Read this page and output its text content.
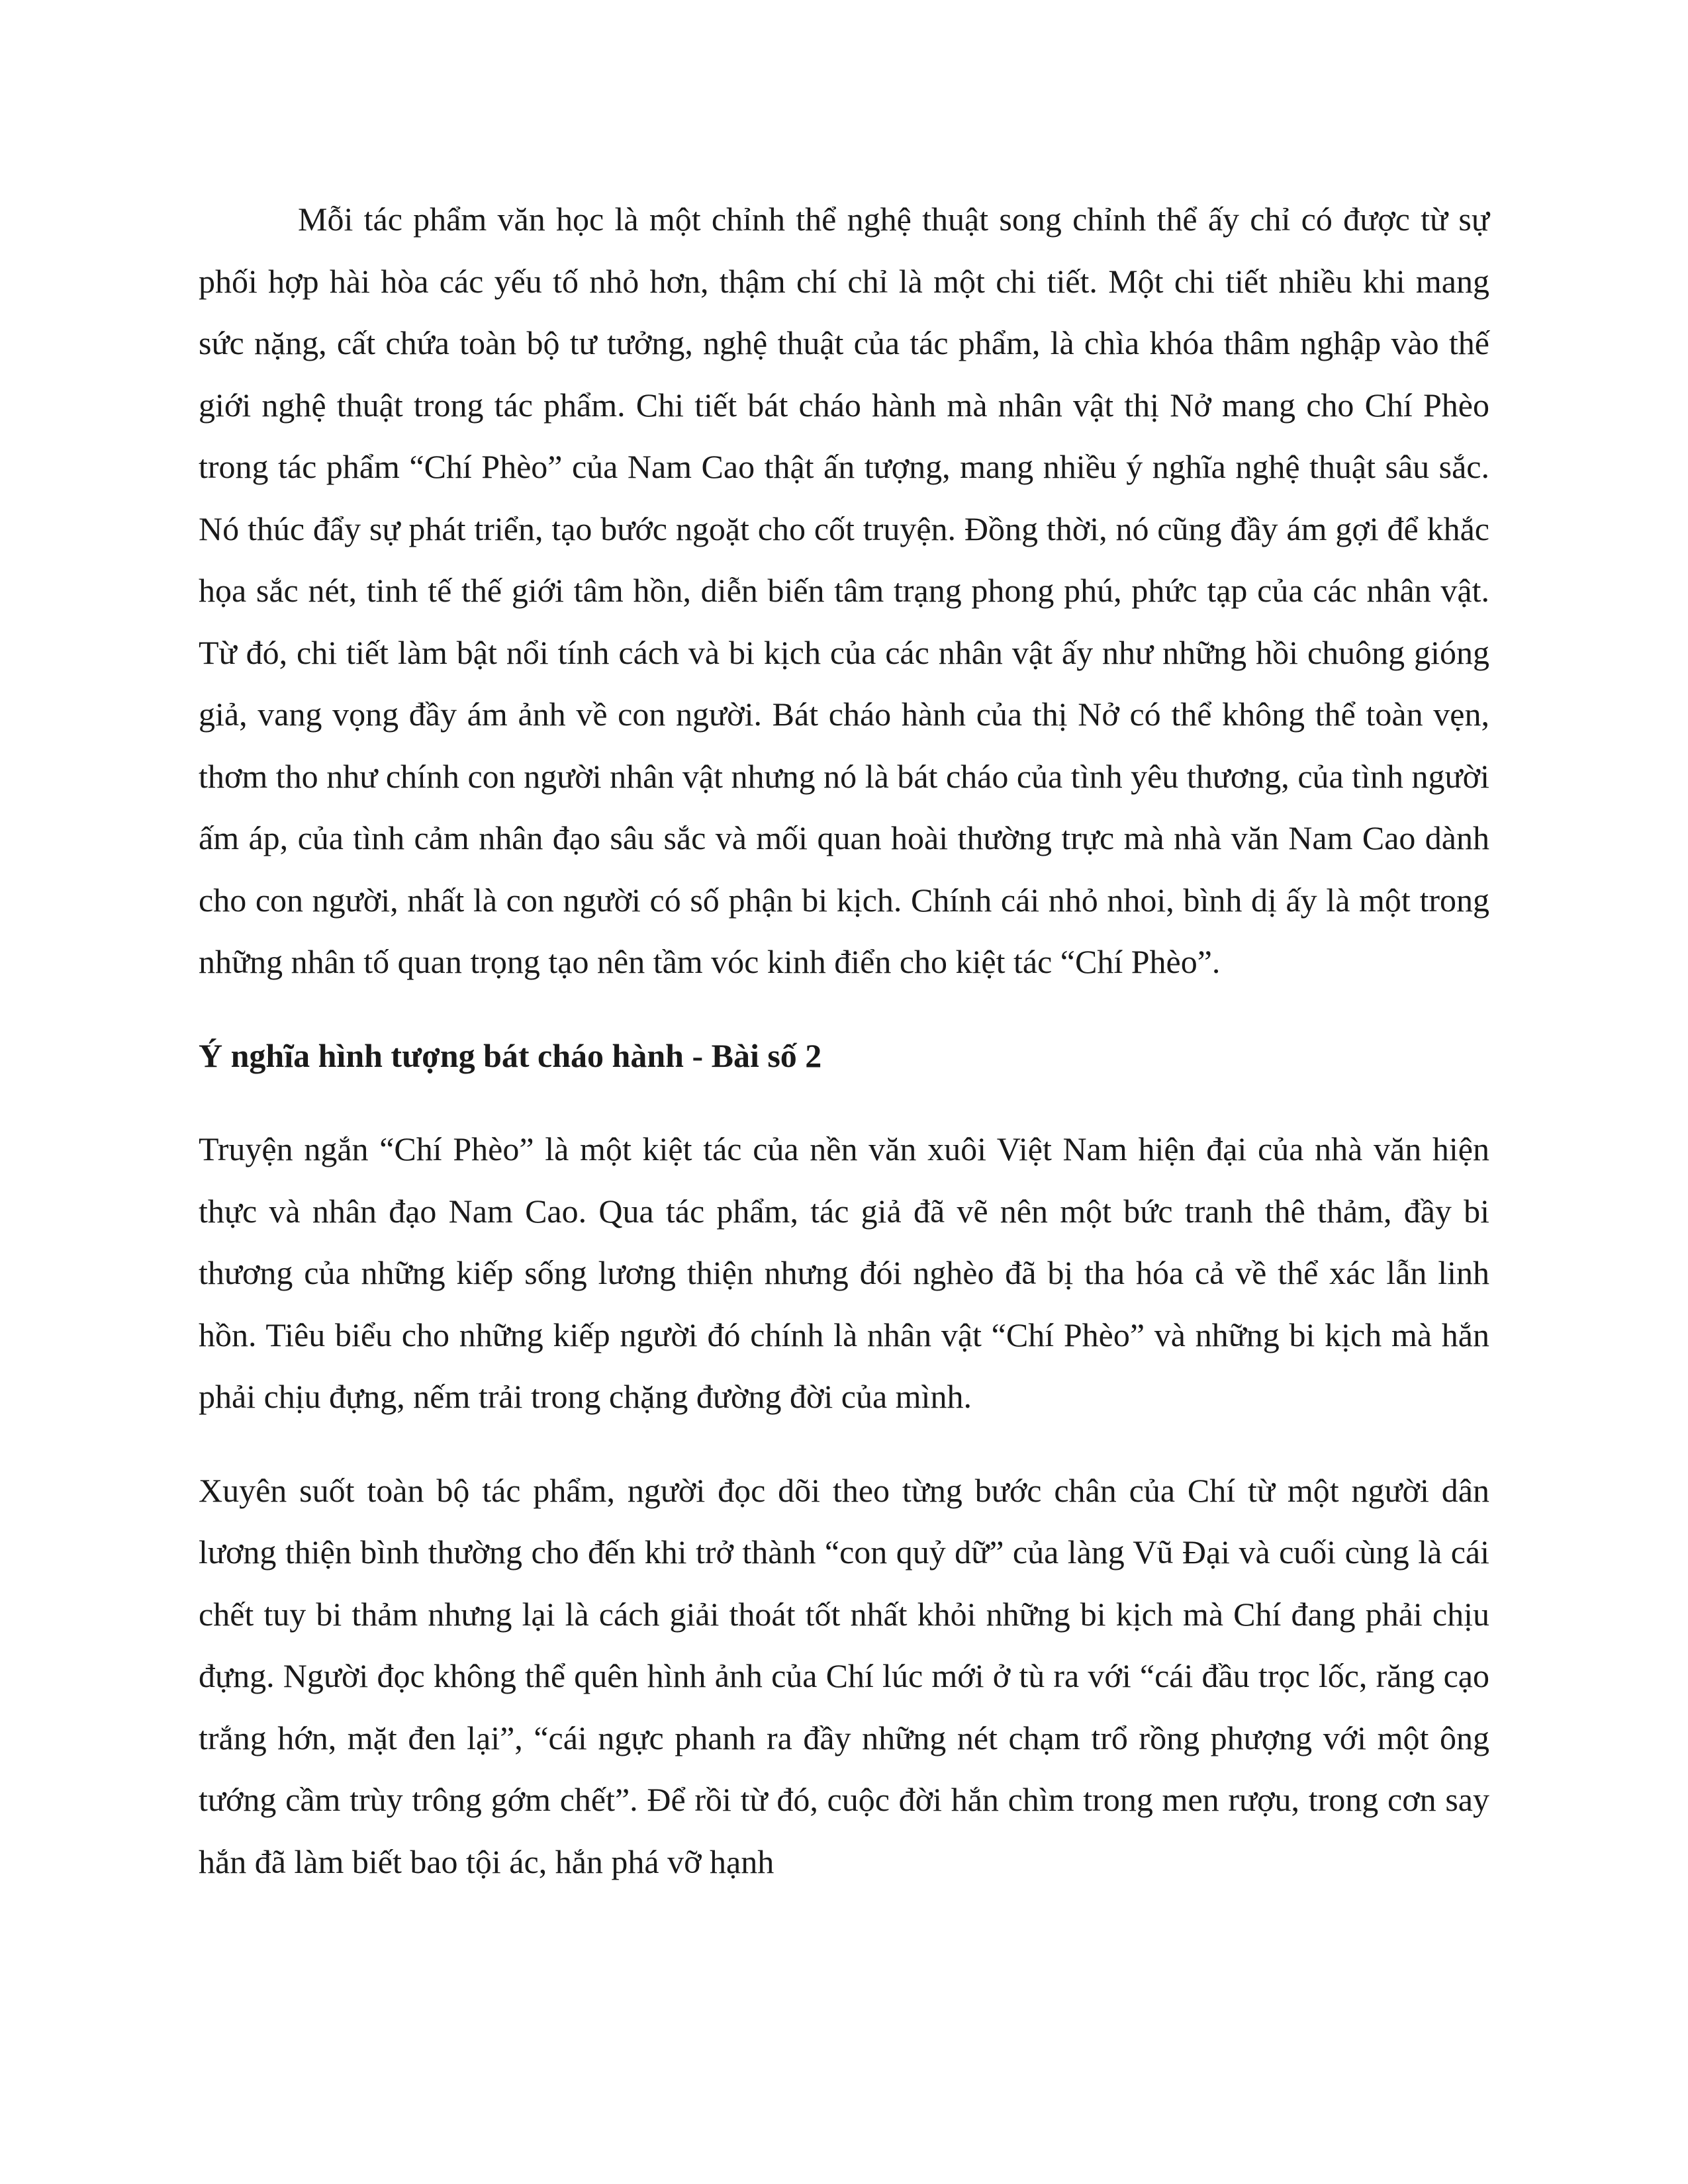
Mỗi tác phẩm văn học là một chỉnh thể nghệ thuật song chỉnh thể ấy chỉ có được từ sự phối hợp hài hòa các yếu tố nhỏ hơn, thậm chí chỉ là một chi tiết. Một chi tiết nhiều khi mang sức nặng, cất chứa toàn bộ tư tưởng, nghệ thuật của tác phẩm, là chìa khóa thâm nghập vào thế giới nghệ thuật trong tác phẩm. Chi tiết bát cháo hành mà nhân vật thị Nở mang cho Chí Phèo trong tác phẩm “Chí Phèo” của Nam Cao thật ấn tượng, mang nhiều ý nghĩa nghệ thuật sâu sắc. Nó thúc đẩy sự phát triển, tạo bước ngoặt cho cốt truyện. Đồng thời, nó cũng đầy ám gợi để khắc họa sắc nét, tinh tế thế giới tâm hồn, diễn biến tâm trạng phong phú, phức tạp của các nhân vật. Từ đó, chi tiết làm bật nổi tính cách và bi kịch của các nhân vật ấy như những hồi chuông gióng giả, vang vọng đầy ám ảnh về con người. Bát cháo hành của thị Nở có thể không thể toàn vẹn, thơm tho như chính con người nhân vật nhưng nó là bát cháo của tình yêu thương, của tình người ấm áp, của tình cảm nhân đạo sâu sắc và mối quan hoài thường trực mà nhà văn Nam Cao dành cho con người, nhất là con người có số phận bi kịch. Chính cái nhỏ nhoi, bình dị ấy là một trong những nhân tố quan trọng tạo nên tầm vóc kinh điển cho kiệt tác “Chí Phèo”.

Ý nghĩa hình tượng bát cháo hành - Bài số 2

Truyện ngắn “Chí Phèo” là một kiệt tác của nền văn xuôi Việt Nam hiện đại của nhà văn hiện thực và nhân đạo Nam Cao. Qua tác phẩm, tác giả đã vẽ nên một bức tranh thê thảm, đầy bi thương của những kiếp sống lương thiện nhưng đói nghèo đã bị tha hóa cả về thể xác lẫn linh hồn. Tiêu biểu cho những kiếp người đó chính là nhân vật “Chí Phèo” và những bi kịch mà hắn phải chịu đựng, nếm trải trong chặng đường đời của mình.

Xuyên suốt toàn bộ tác phẩm, người đọc dõi theo từng bước chân của Chí từ một người dân lương thiện bình thường cho đến khi trở thành “con quỷ dữ” của làng Vũ Đại và cuối cùng là cái chết tuy bi thảm nhưng lại là cách giải thoát tốt nhất khỏi những bi kịch mà Chí đang phải chịu đựng. Người đọc không thể quên hình ảnh của Chí lúc mới ở tù ra với “cái đầu trọc lốc, răng cạo trắng hớn, mặt đen lại”, “cái ngực phanh ra đầy những nét chạm trổ rồng phượng với một ông tướng cầm trùy trông gớm chết”. Để rồi từ đó, cuộc đời hắn chìm trong men rượu, trong cơn say hắn đã làm biết bao tội ác, hắn phá vỡ hạnh
